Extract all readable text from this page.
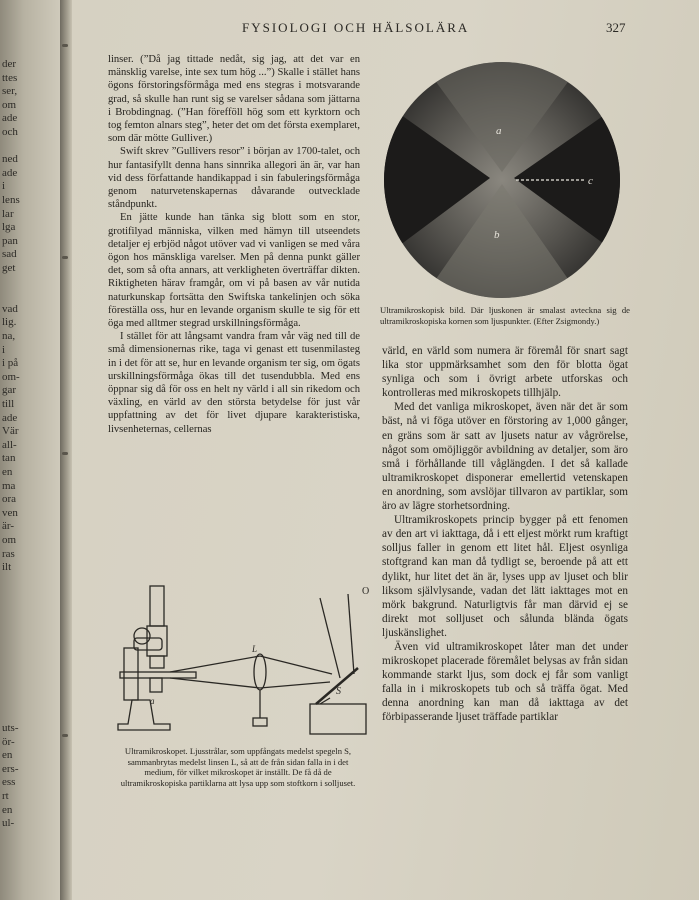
der
ttes
ser,
om
ade
och
ned
ade
i
lens
lar
lga
pan
sad
get
vad
lig.
na,
i
i på
om-
gar
till
ade
Vär
all-
tan
en
ma
ora
ven
är-
om
ras
ilt
uts-
ör-
en
ers-
ess
rt
en
ul-
FYSIOLOGI OCH HÄLSOLÄRA	327

linser. (”Då jag tittade nedåt, sig jag, att det var en mänsklig varelse, inte sex tum hög ...”) Skalle i stället hans ögons förstoringsförmåga med ens stegras i motsvarande grad, så skulle han runt sig se varelser sådana som jättarna i Brobdingnag. (”Han förefföll hög som ett kyrktorn och tog femton alnars steg”, heter det om det första exemplaret, som där mötte Gulliver.)

Swift skrev ”Gullivers resor” i början av 1700-talet, och hur fantasifyllt denna hans sinnrika allegori än är, var han vid dess författande handikappad i sin fabuleringsförmåga genom naturvetenskapernas dåvarande outvecklade ståndpunkt.

En jätte kunde han tänka sig blott som en stor, grotifilyad människa, vilken med hämyn till utseendets detaljer ej erbjöd något utöver vad vi vanligen se med våra ögon hos mänskliga varelser. Men på denna punkt gäller det, som så ofta annars, att verkligheten överträffar dikten. Riktigheten härav framgår, om vi på basen av vår nutida naturkunskap fortsätta den Swiftska tankelinjen och söka föreställa oss, hur en levande organism skulle te sig för ett öga med alltmer stegrad urskillningsförmåga.

I stället för att långsamt vandra fram vår väg ned till de små dimensionernas rike, taga vi genast ett tusenmilasteg in i det för att se, hur en levande organism ter sig, om ögats urskillningsförmåga ökas till det tusendubbla. Med ens öppnar sig då för oss en helt ny värld i all sin rikedom och växling, en värld av den största betydelse för just vår uppfattning av det för livet djupare karakteristiska, livsenheternas, cellernas

a
b
c
Ultramikroskopisk bild. Där ljuskonen är smalast avteckna sig de ultramikroskopiska kornen som ljuspunkter. (Efter Zsigmondy.)

värld, en värld som numera är föremål för snart sagt lika stor uppmärksamhet som den för blotta ögat synliga och som i övrigt arbete utforskas och kontrolleras med mikroskopets tillhjälp.

Med det vanliga mikroskopet, även när det är som bäst, nå vi föga utöver en förstoring av 1,000 gånger, en gräns som är satt av ljusets natur av vågrörelse, något som omöjliggör avbildning av detaljer, som äro små i förhållande till våglängden. I det så kallade ultramikroskopet disponerar emellertid vetenskapen en anordning, som avslöjar tillvaron av partiklar, som äro av lägre storhetsordning.

Ultramikroskopets princip bygger på ett fenomen av den art vi iakttaga, då i ett eljest mörkt rum kraftigt solljus faller in genom ett litet hål. Eljest osynliga stoftgrand kan man då tydligt se, beroende på att ett dylikt, hur litet det än är, lyses upp av ljuset och blir liksom självlysande, vadan det lätt iakttages mot en mörk bakgrund. Naturligtvis får man därvid ej se direkt mot solljuset och sålunda blända ögats ljuskänslighet.

Även vid ultramikroskopet låter man det under mikroskopet placerade föremålet belysas av från sidan kommande starkt ljus, som dock ej får som vanligt falla in i mikroskopets tub och så träffa ögat. Med denna anordning kan man då iakttaga av det förbipasserande ljuset träffade partiklar

O
L
S
a
Ultramikroskopet. Ljusstrålar, som uppfångats medelst spegeln S, sammanbrytas medelst linsen L, så att de från sidan falla in i det medium, för vilket mikroskopet är inställt. De få då de ultramikroskopiska partiklarna att lysa upp som stoftkorn i solljuset.
